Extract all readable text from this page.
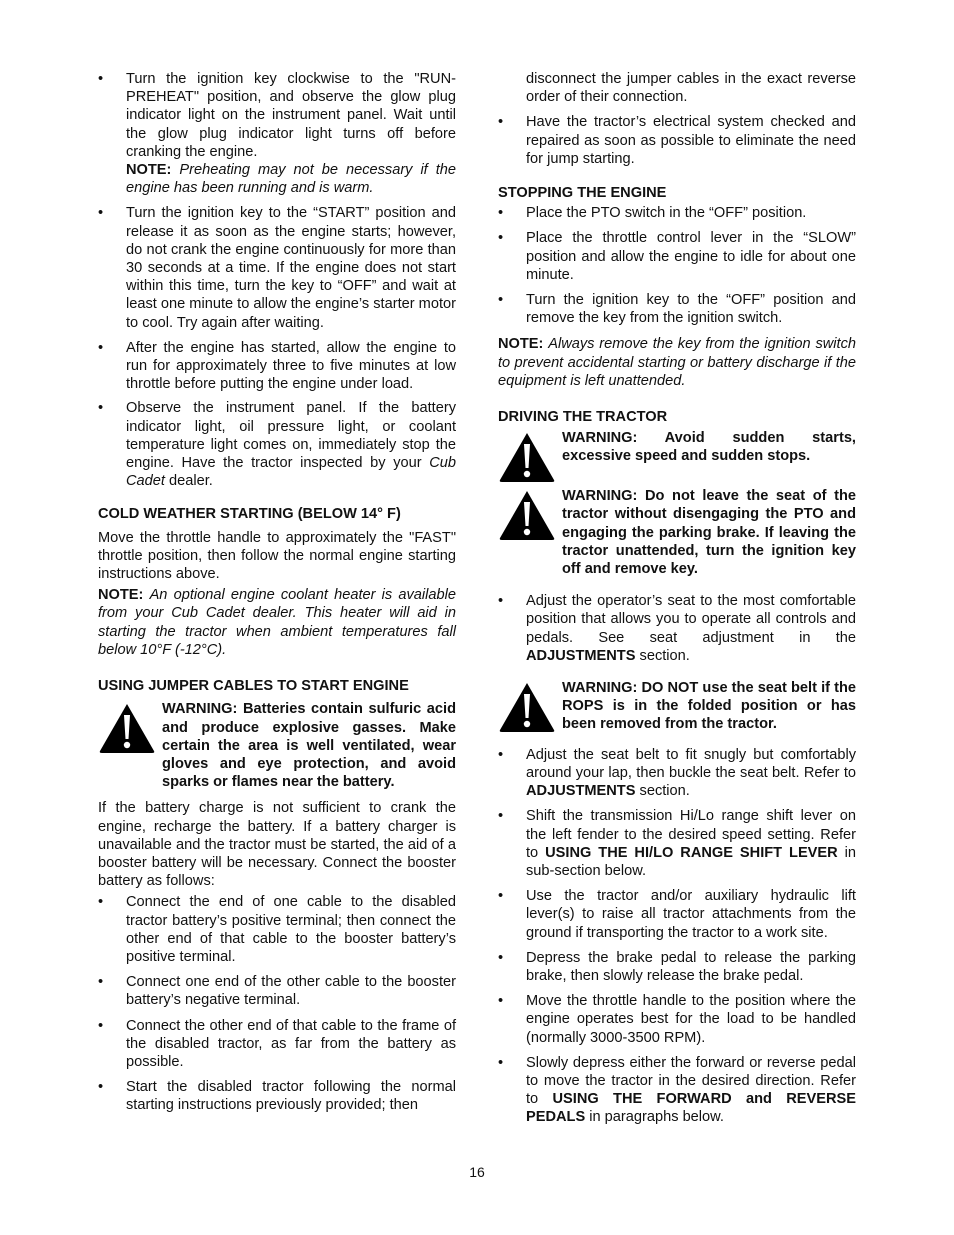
• Turn the ignition key clockwise to the "RUN-PREHEAT" position, and observe the glow plug indicator light on the instrument panel. Wait until the glow plug indicator light turns off before cranking the engine.
NOTE: Preheating may not be necessary if the engine has been running and is warm.
• Turn the ignition key to the “START” position and release it as soon as the engine starts; however, do not crank the engine continuously for more than 30 seconds at a time. If the engine does not start within this time, turn the key to “OFF” and wait at least one minute to allow the engine’s starter motor to cool. Try again after waiting.
• After the engine has started, allow the engine to run for approximately three to five minutes at low throttle before putting the engine under load.
• Observe the instrument panel. If the battery indicator light, oil pressure light, or coolant temperature light comes on, immediately stop the engine. Have the tractor inspected by your Cub Cadet dealer.
COLD WEATHER STARTING (BELOW 14° F)

Move the throttle handle to approximately the "FAST" throttle position, then follow the normal engine starting instructions above.

NOTE: An optional engine coolant heater is available from your Cub Cadet dealer. This heater will aid in starting the tractor when ambient temperatures fall below 10°F (-12°C).

USING JUMPER CABLES TO START ENGINE
WARNING: Batteries contain sulfuric acid and produce explosive gasses. Make certain the area is well ventilated, wear gloves and eye protection, and avoid sparks or flames near the battery.

If the battery charge is not sufficient to crank the engine, recharge the battery. If a battery charger is unavailable and the tractor must be started, the aid of a booster battery will be necessary. Connect the booster battery as follows:

• Connect the end of one cable to the disabled tractor battery’s positive terminal; then connect the other end of that cable to the booster battery’s positive terminal.
• Connect one end of the other cable to the booster battery’s negative terminal.
• Connect the other end of that cable to the frame of the disabled tractor, as far from the battery as possible.
• Start the disabled tractor following the normal starting instructions previously provided; then
disconnect the jumper cables in the exact reverse order of their connection.
• Have the tractor’s electrical system checked and repaired as soon as possible to eliminate the need for jump starting.
STOPPING THE ENGINE
• Place the PTO switch in the “OFF” position.
• Place the throttle control lever in the “SLOW” position and allow the engine to idle for about one minute.
• Turn the ignition key to the “OFF” position and remove the key from the ignition switch.

NOTE: Always remove the key from the ignition switch to prevent accidental starting or battery discharge if the equipment is left unattended.

DRIVING THE TRACTOR
WARNING: Avoid sudden starts, excessive speed and sudden stops.
WARNING: Do not leave the seat of the tractor without disengaging the PTO and engaging the parking brake. If leaving the tractor unattended, turn the ignition key off and remove key.
• Adjust the operator’s seat to the most comfortable position that allows you to operate all controls and pedals. See seat adjustment in the ADJUSTMENTS section.
WARNING: DO NOT use the seat belt if the ROPS is in the folded position or has been removed from the tractor.
• Adjust the seat belt to fit snugly but comfortably around your lap, then buckle the seat belt. Refer to ADJUSTMENTS section.
• Shift the transmission Hi/Lo range shift lever on the left fender to the desired speed setting. Refer to USING THE HI/LO RANGE SHIFT LEVER in sub-section below.
• Use the tractor and/or auxiliary hydraulic lift lever(s) to raise all tractor attachments from the ground if transporting the tractor to a work site.
• Depress the brake pedal to release the parking brake, then slowly release the brake pedal.
• Move the throttle handle to the position where the engine operates best for the load to be handled (normally 3000-3500 RPM).
• Slowly depress either the forward or reverse pedal to move the tractor in the desired direction. Refer to USING THE FORWARD and REVERSE PEDALS in paragraphs below.
16
